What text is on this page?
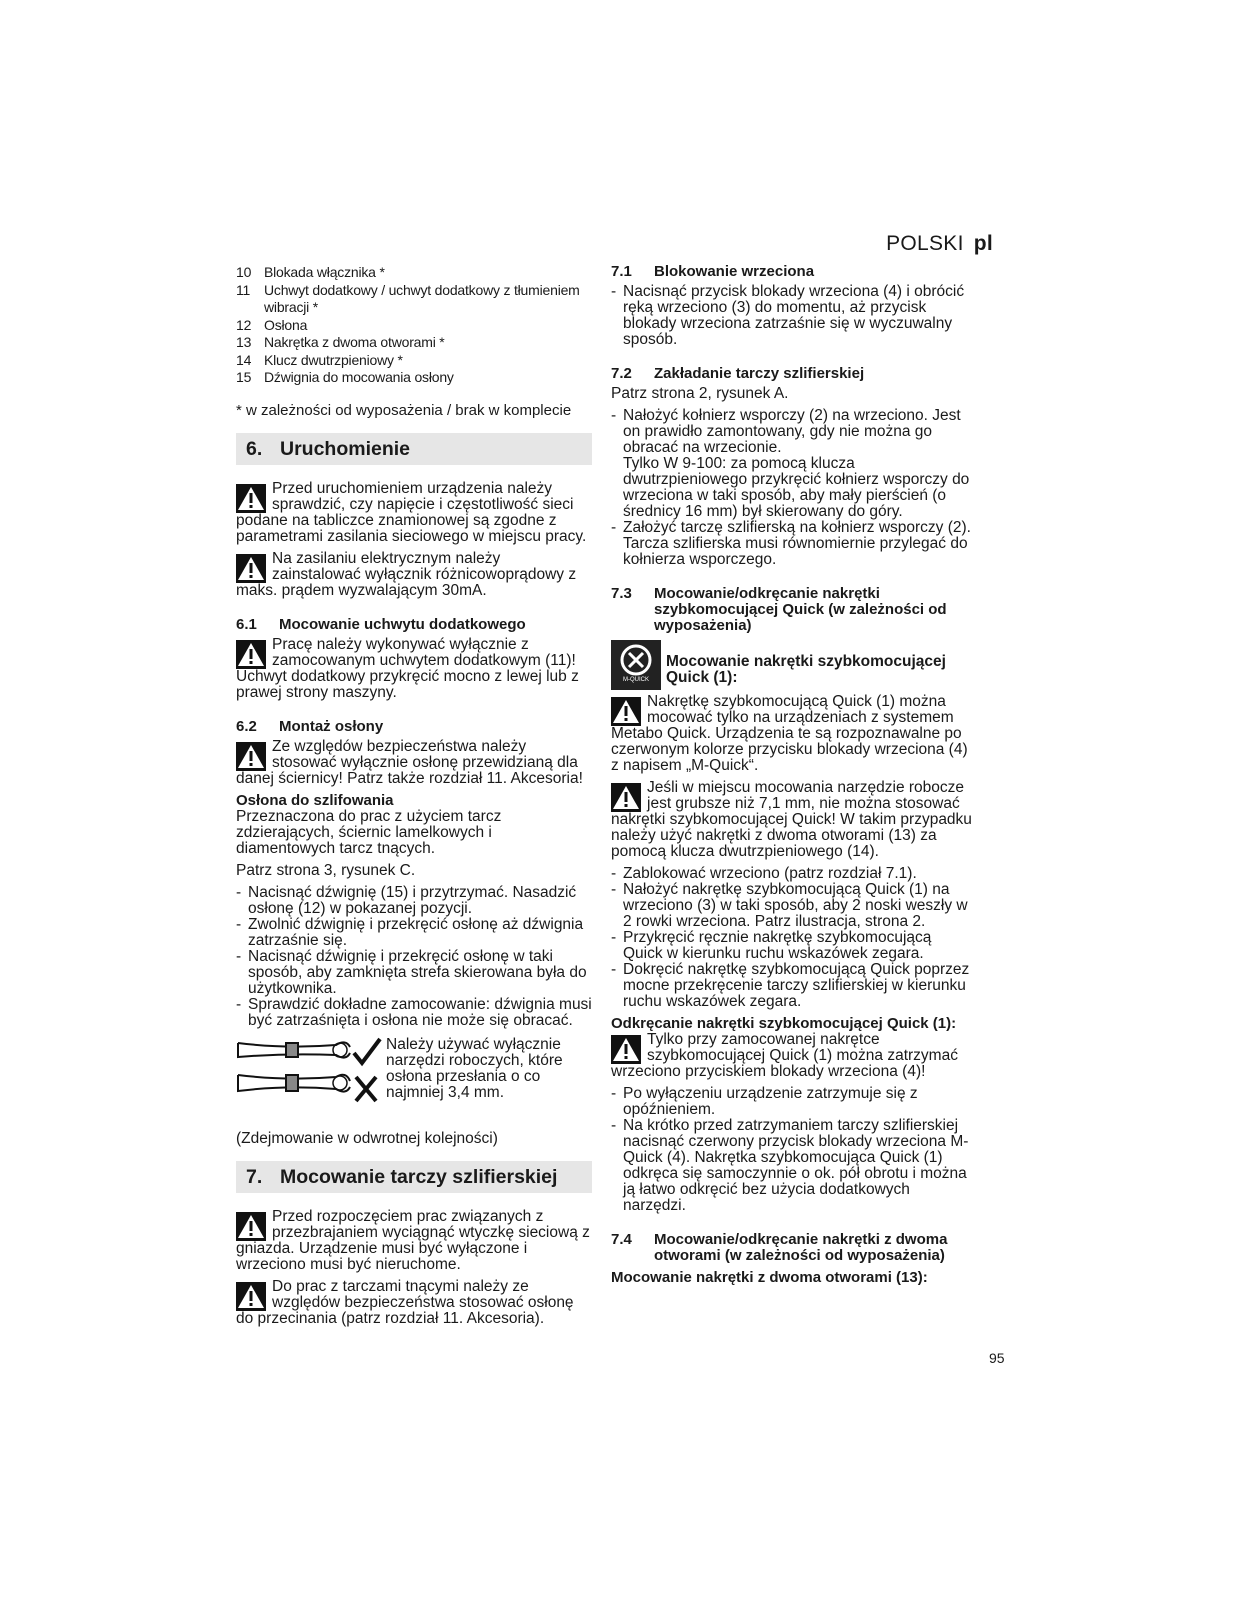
POLSKI pl
10 Blokada włącznika *
11 Uchwyt dodatkowy / uchwyt dodatkowy z tłumieniem wibracji *
12 Osłona
13 Nakrętka z dwoma otworami *
14 Klucz dwutrzpieniowy *
15 Dźwignia do mocowania osłony
* w zależności od wyposażenia / brak w komplecie
6. Uruchomienie
Przed uruchomieniem urządzenia należy sprawdzić, czy napięcie i częstotliwość sieci podane na tabliczce znamionowej są zgodne z parametrami zasilania sieciowego w miejscu pracy.
Na zasilaniu elektrycznym należy zainstalować wyłącznik różnicowoprądowy z maks. prądem wyzwalającym 30mA.
6.1	Mocowanie uchwytu dodatkowego
Pracę należy wykonywać wyłącznie z zamocowanym uchwytem dodatkowym (11)! Uchwyt dodatkowy przykręcić mocno z lewej lub z prawej strony maszyny.
6.2	Montaż osłony
Ze względów bezpieczeństwa należy stosować wyłącznie osłonę przewidzianą dla danej ściernicy! Patrz także rozdział 11. Akcesoria!
Osłona do szlifowania

Przeznaczona do prac z użyciem tarcz zdzierających, ściernic lamelkowych i diamentowych tarcz tnących.

Patrz strona 3, rysunek C.

- Nacisnąć dźwignię (15) i przytrzymać. Nasadzić osłonę (12) w pokazanej pozycji.
- Zwolnić dźwignię i przekręcić osłonę aż dźwignia zatrzaśnie się.
- Nacisnąć dźwignię i przekręcić osłonę w taki sposób, aby zamknięta strefa skierowana była do użytkownika.
- Sprawdzić dokładne zamocowanie: dźwignia musi być zatrzaśnięta i osłona nie może się obracać.
Należy używać wyłącznie narzędzi roboczych, które osłona przesłania o co najmniej 3,4 mm.

(Zdejmowanie w odwrotnej kolejności)

7. Mocowanie tarczy szlifierskiej
Przed rozpoczęciem prac związanych z przezbrajaniem wyciągnąć wtyczkę sieciową z gniazda. Urządzenie musi być wyłączone i wrzeciono musi być nieruchome.
Do prac z tarczami tnącymi należy ze względów bezpieczeństwa stosować osłonę do przecinania (patrz rozdział 11. Akcesoria).
7.1	Blokowanie wrzeciona
- Nacisnąć przycisk blokady wrzeciona (4) i obrócić ręką wrzeciono (3) do momentu, aż przycisk blokady wrzeciona zatrzaśnie się w wyczuwalny sposób.
7.2	Zakładanie tarczy szlifierskiej

Patrz strona 2, rysunek A.

- Nałożyć kołnierz wsporczy (2) na wrzeciono. Jest on prawidło zamontowany, gdy nie można go obracać na wrzecionie.
Tylko W 9-100: za pomocą klucza dwutrzpieniowego przykręcić kołnierz wsporczy do wrzeciona w taki sposób, aby mały pierścień (o średnicy 16 mm) był skierowany do góry.
- Założyć tarczę szlifierską na kołnierz wsporczy (2).
Tarcza szlifierska musi równomiernie przylegać do kołnierza wsporczego.
7.3	Mocowanie/odkręcanie nakrętki szybkomocującej Quick (w zależności od wyposażenia)
M-QUICK
Mocowanie nakrętki szybkomocującej Quick (1):
Nakrętkę szybkomocującą Quick (1) można mocować tylko na urządzeniach z systemem Metabo Quick. Urządzenia te są rozpoznawalne po czerwonym kolorze przycisku blokady wrzeciona (4) z napisem „M-Quick“.
Jeśli w miejscu mocowania narzędzie robocze jest grubsze niż 7,1 mm, nie można stosować nakrętki szybkomocującej Quick! W takim przypadku należy użyć nakrętki z dwoma otworami (13) za pomocą klucza dwutrzpieniowego (14).
- Zablokować wrzeciono (patrz rozdział 7.1).
- Nałożyć nakrętkę szybkomocującą Quick (1) na wrzeciono (3) w taki sposób, aby 2 noski weszły w 2 rowki wrzeciona. Patrz ilustracja, strona 2.
- Przykręcić ręcznie nakrętkę szybkomocującą Quick w kierunku ruchu wskazówek zegara.
- Dokręcić nakrętkę szybkomocującą Quick poprzez mocne przekręcenie tarczy szlifierskiej w kierunku ruchu wskazówek zegara.
Odkręcanie nakrętki szybkomocującej Quick (1):
Tylko przy zamocowanej nakrętce szybkomocującej Quick (1) można zatrzymać wrzeciono przyciskiem blokady wrzeciona (4)!
- Po wyłączeniu urządzenie zatrzymuje się z opóźnieniem.
- Na krótko przed zatrzymaniem tarczy szlifierskiej nacisnąć czerwony przycisk blokady wrzeciona M-Quick (4). Nakrętka szybkomocująca Quick (1) odkręca się samoczynnie o ok. pół obrotu i można ją łatwo odkręcić bez użycia dodatkowych narzędzi.
7.4	Mocowanie/odkręcanie nakrętki z dwoma otworami (w zależności od wyposażenia)
Mocowanie nakrętki z dwoma otworami (13):
95
